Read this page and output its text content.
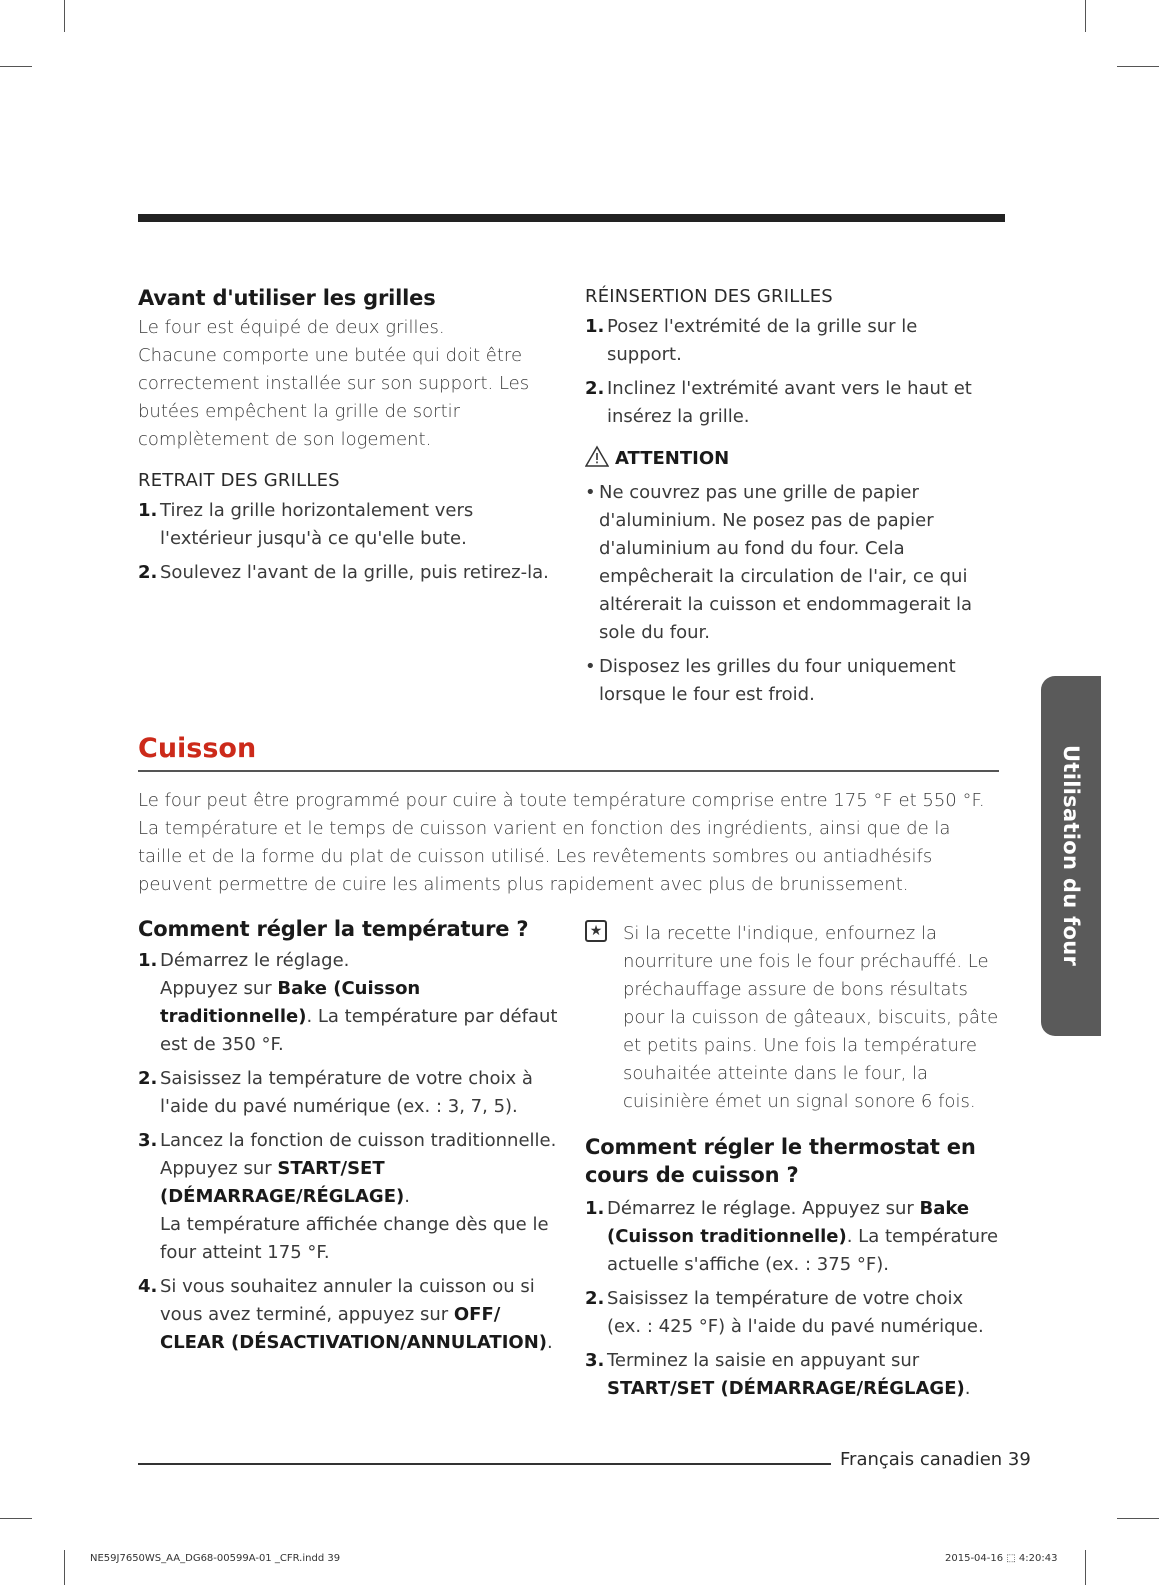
Avant d'utiliser les grilles

Le four est équipé de deux grilles.

Chacune comporte une butée qui doit être correctement installée sur son support. Les butées empêchent la grille de sortir complètement de son logement.

RETRAIT DES GRILLES
1. Tirez la grille horizontalement vers l'extérieur jusqu'à ce qu'elle bute.
2. Soulevez l'avant de la grille, puis retirez-la.
RÉINSERTION DES GRILLES
1. Posez l'extrémité de la grille sur le support.
2. Inclinez l'extrémité avant vers le haut et insérez la grille.
ATTENTION
• Ne couvrez pas une grille de papier d'aluminium. Ne posez pas de papier d'aluminium au fond du four. Cela empêcherait la circulation de l'air, ce qui altérerait la cuisson et endommagerait la sole du four.
• Disposez les grilles du four uniquement lorsque le four est froid.
Cuisson

Le four peut être programmé pour cuire à toute température comprise entre 175 °F et 550 °F.

La température et le temps de cuisson varient en fonction des ingrédients, ainsi que de la taille et de la forme du plat de cuisson utilisé. Les revêtements sombres ou antiadhésifs peuvent permettre de cuire les aliments plus rapidement avec plus de brunissement.

Comment régler la température ?
1. Démarrez le réglage.
Appuyez sur Bake (Cuisson traditionnelle). La température par défaut est de 350 °F.
2. Saisissez la température de votre choix à l'aide du pavé numérique (ex. : 3, 7, 5).
3. Lancez la fonction de cuisson traditionnelle. Appuyez sur START/SET (DÉMARRAGE/RÉGLAGE).
La température affichée change dès que le four atteint 175 °F.
4. Si vous souhaitez annuler la cuisson ou si vous avez terminé, appuyez sur OFF/ CLEAR (DÉSACTIVATION/ANNULATION).
★ Si la recette l'indique, enfournez la nourriture une fois le four préchauffé. Le préchauffage assure de bons résultats pour la cuisson de gâteaux, biscuits, pâte et petits pains. Une fois la température souhaitée atteinte dans le four, la cuisinière émet un signal sonore 6 fois.

Comment régler le thermostat en cours de cuisson ?
1. Démarrez le réglage. Appuyez sur Bake (Cuisson traditionnelle). La température actuelle s'affiche (ex. : 375 °F).
2. Saisissez la température de votre choix (ex. : 425 °F) à l'aide du pavé numérique.
3. Terminez la saisie en appuyant sur START/SET (DÉMARRAGE/RÉGLAGE).
Utilisation du four
Français canadien 39
NE59J7650WS_AA_DG68-00599A-01 _CFR.indd 39	2015-04-16 ⬚ 4:20:43
